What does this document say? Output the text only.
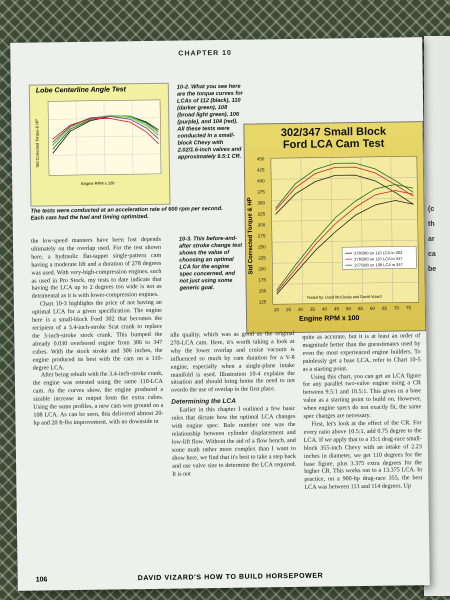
(c
th
ar
ca
be
CHAPTER 10
Lobe Centerline Angle Test
Engine RPM x 100
Std Corrected Torque & HP
The tests were conducted at an acceleration rate of 600 rpm per second. Each cam had the fuel and timing optimized.
10-2. What you see here are the torque curves for LCAs of 112 (black), 110 (darker green), 108 (broad light green), 106 (purple), and 104 (red). All these tests were conducted in a small-block Chevy with 2.02/1.6-inch valves and approximately 9.5:1 CR.
10-3. This before-and-after stroke change test shows the value of choosing an optimal LCA for the engine spec concerned, and not just using some generic goal.
302/347 Small Block
Ford LCA Cam Test
450
425
400
375
350
325
300
275
250
225
200
175
150
125
20 25 30 35 40 45 50 55 60 65 70 75
278/280 on 110 LCA in 302
278/280 on 110 LCA in 347
277/280 on 108 LCA in 347
Tested by: Lloyd McClusky and David Vizard
Engine RPM x 100
Std Corrected Torque & HP

the low-speed manners have been lost depends ultimately on the overlap used. For the test shown here, a hydraulic flat-tappet single-pattern cam having a moderate lift and a duration of 278 degrees was used. With very-high-compression engines, such as used in Pro Stock, my tests to date indicate that having the LCA up to 2 degrees too wide is not as detrimental as it is with lower-compression engines.

Chart 10-3 highlights the price of not having an optimal LCA for a given specification. The engine here is a small-block Ford 302 that becomes the recipient of a 3.4-inch-stroke Scat crank to replace the 3-inch-stroke stock crank. This bumped the already 0.030 overbored engine from 306 to 347 cubes. With the stock stroke and 306 inches, the engine produced its best with the cam on a 110-degree LCA.

After being rebuilt with the 3.4-inch-stroke crank, the engine was retested using the same 110-LCA cam. As the curves show, the engine produced a sizable increase in output from the extra cubes. Using the same profiles, a new cam was ground on a 108 LCA. As can be seen, this delivered almost 20-hp and 20 ft-lbs improvement, with no downside in

idle quality, which was as good as the original 270-LCA cam. Here, it's worth taking a look at why the lower overlap and cruise vacuum is influenced so much by cam duration for a V-8 engine, especially when a single-plane intake manifold is used. Illustration 10-4 explains the situation and should bring home the need to not overdo the use of overlap in the first place.

Determining the LCA

Earlier in this chapter I outlined a few basic rules that dictate how the optimal LCA changes with engine spec. Rule number one was the relationship between cylinder displacement and low-lift flow. Without the aid of a flow bench, and some math rather more complex than I want to show here, we find that it's best to take a step back and use valve size to determine the LCA required. It is not

quite as accurate, but it is at least an order of magnitude better than the guesstimates used by even the most experienced engine builders. To painlessly get a base LCA, refer to Chart 10-5 as a starting point.

Using this chart, you can get an LCA figure for any parallel two-valve engine using a CR between 9.5:1 and 10.5:1. This gives us a base value as a starting point to build on. However, when engine specs do not exactly fit, the same spec changes are necessary.

First, let's look at the effect of the CR. For every ratio above 10.5:1, add 0.75 degree to the LCA. If we apply that to a 15:1 drag-race small-block 355-inch Chevy with an intake of 2.23 inches in diameter, we get 110 degrees for the base figure, plus 3.375 extra degrees for the higher CR. This works out to a 13.375 LCA. In practice, on a 900-hp drag-race 355, the best LCA was between 113 and 114 degrees. Up

106	DAVID VIZARD'S HOW TO BUILD HORSEPOWER
